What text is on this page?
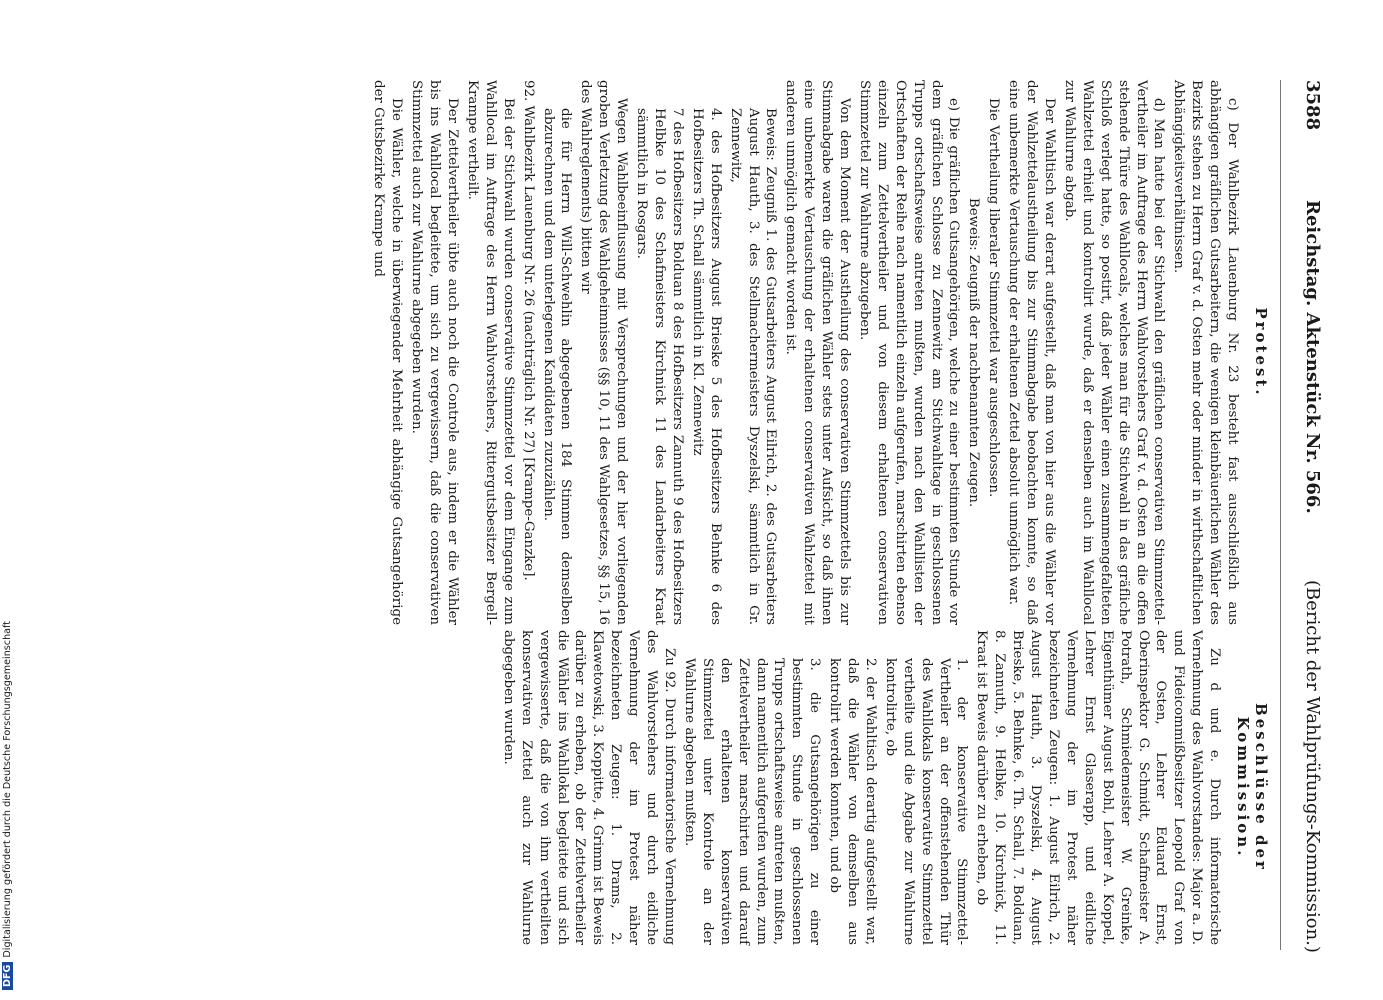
3588
Reichstag. Aktenstück Nr. 566.
(Bericht der Wahlprüfungs-Kommission.)
Protest.

c) Der Wahlbezirk Lauenburg Nr. 23 besteht fast ausschließlich aus abhängigen gräflichen Gutsarbeitern, die wenigen kleinbäuerlichen Wähler des Bezirks stehen zu Herrn Graf v. d. Osten mehr oder minder in wirthschaftlichen Abhängigkeitsverhältnissen.

d) Man hatte bei der Stichwahl den gräflichen conservativen Stimmzettel-Vertheiler im Auftrage des Herrn Wahlvorstehers Graf v. d. Osten an die offen stehende Thüre des Wahllocals, welches man für die Stichwahl in das gräfliche Schloß verlegt hatte, so postirt, daß jeder Wähler einen zusammengefalteten Wahlzettel erhielt und kontrolirt wurde, daß er denselben auch im Wahllocal zur Wahlurne abgab.

Der Wahltisch war derart aufgestellt, daß man von hier aus die Wähler vor der Wahlzettelaustheilung bis zur Stimmabgabe beobachten konnte, so daß eine unbemerkte Vertauschung der erhaltenen Zettel absolut unmöglich war.

Die Vertheilung liberaler Stimmzettel war ausgeschlossen.

Beweis: Zeugniß der nachbenannten Zeugen.

e) Die gräflichen Gutsangehörigen, welche zu einer bestimmten Stunde vor dem gräflichen Schlosse zu Zennewitz am Stichwahltage in geschlossenen Trupps ortschaftsweise antreten mußten, wurden nach den Wahllisten der Ortschaften der Reihe nach namentlich einzeln aufgerufen, marschirten ebenso einzeln zum Zettelvertheiler und von diesem erhaltenen conservativen Stimmzettel zur Wahlurne abzugeben.

Von dem Moment der Austheilung des conservativen Stimmzettels bis zur Stimmabgabe waren die gräflichen Wähler stets unter Aufsicht, so daß ihnen eine unbemerkte Vertauschung der erhaltenen conservativen Wahlzettel mit anderen unmöglich gemacht worden ist.

Beweis: Zeugniß 1. des Gutsarbeiters August Eilrich, 2. des Gutsarbeiters August Hauth, 3. des Stellmachermeisters Dyszelski, sämmtlich in Gr. Zennewitz,

4. des Hofbesitzers August Brieske 5 des Hofbesitzers Behnke 6 des Hofbesitzers Th. Schall sämmtlich in Kl. Zennewitz

7 des Hofbesitzers Bolduan 8 des Hofbesitzers Zannuth 9 des Hofbesitzers Helbke 10 des Schafmeisters Kirchnick 11 des Landarbeiters Kraat sämmtlich in Rosgars.

Wegen Wahlbeeinflussung mit Versprechungen und der hier vorliegenden groben Verletzung des Wahlgeheimnisses (§§ 10, 11 des Wahlgesetzes, §§ 15, 16 des Wahlreglements) bitten wir

die für Herrn Will-Schwehlin abgegebenen 184 Stimmen demselben abzurechnen und dem unterlegenen Kandidaten zuzuzählen.

92. Wahlbezirk Lauenburg Nr. 26 (nachträglich Nr. 27) [Krampe-Ganzke].

Bei der Stichwahl wurden conservative Stimmzettel vor dem Eingange zum Wahllocal im Auftrage des Herrn Wahlvorstehers, Rittergutsbesitzer Bergell-Krampe vertheilt.

Der Zettelvertheiler übte auch noch die Controle aus, indem er die Wähler bis ins Wahllocal begleitete, um sich zu vergewissern, daß die conservativen Stimmzettel auch zur Wahlurne abgegeben wurden.

Die Wähler, welche in überwiegender Mehrheit abhängige Gutsangehörige der Gutsbezirke Krampe und

Beschlüsse der Kommission.

Zu d und e. Durch informatorische Vernehmung des Wahlvorstandes: Major a. D. und Fideicommißbesitzer Leopold Graf von der Osten, Lehrer Eduard Ernst, Oberinspektor G. Schmidt, Schafmeister A. Potrath, Schmiedemeister W. Greinke, Eigenthümer August Bohl, Lehrer A. Koppel, Lehrer Ernst Glaserapp, und eidliche Vernehmung der im Protest näher bezeichneten Zeugen: 1. August Eilrich, 2. August Hauth, 3. Dyszelski, 4. August Brieske, 5. Behnke, 6. Th. Schall, 7. Bolduan, 8. Zannuth, 9. Helbke, 10. Kirchnick, 11. Kraat ist Beweis darüber zu erheben, ob

1. der konservative Stimmzettel-Vertheiler an der offenstehenden Thür des Wahllokals konservative Stimmzettel vertheilte und die Abgabe zur Wahlurne kontrolirte, ob

2. der Wahltisch derartig aufgestellt war, daß die Wähler von demselben aus kontrolirt werden konnten, und ob

3. die Gutsangehörigen zu einer bestimmten Stunde in geschlossenen Trupps ortschaftsweise antreten mußten, dann namentlich aufgerufen wurden, zum Zettelvertheiler marschirten und darauf den erhaltenen konservativen Stimmzettel unter Kontrole an der Wahlurne abgeben mußten.

Zu 92. Durch informatorische Vernehmung des Wahlvorstehers und durch eidliche Vernehmung der im Protest näher bezeichneten Zeugen: 1. Drams, 2. Klawetowski, 3. Koppitte, 4. Grimm ist Beweis darüber zu erheben, ob der Zettelvertheiler die Wähler ins Wahllokal begleitete und sich vergewisserte, daß die von ihm vertheilten konservativen Zettel auch zur Wahlurne abgegeben wurden.

DFGDigitalisierung gefördert durch die Deutsche Forschungsgemeinschaft
